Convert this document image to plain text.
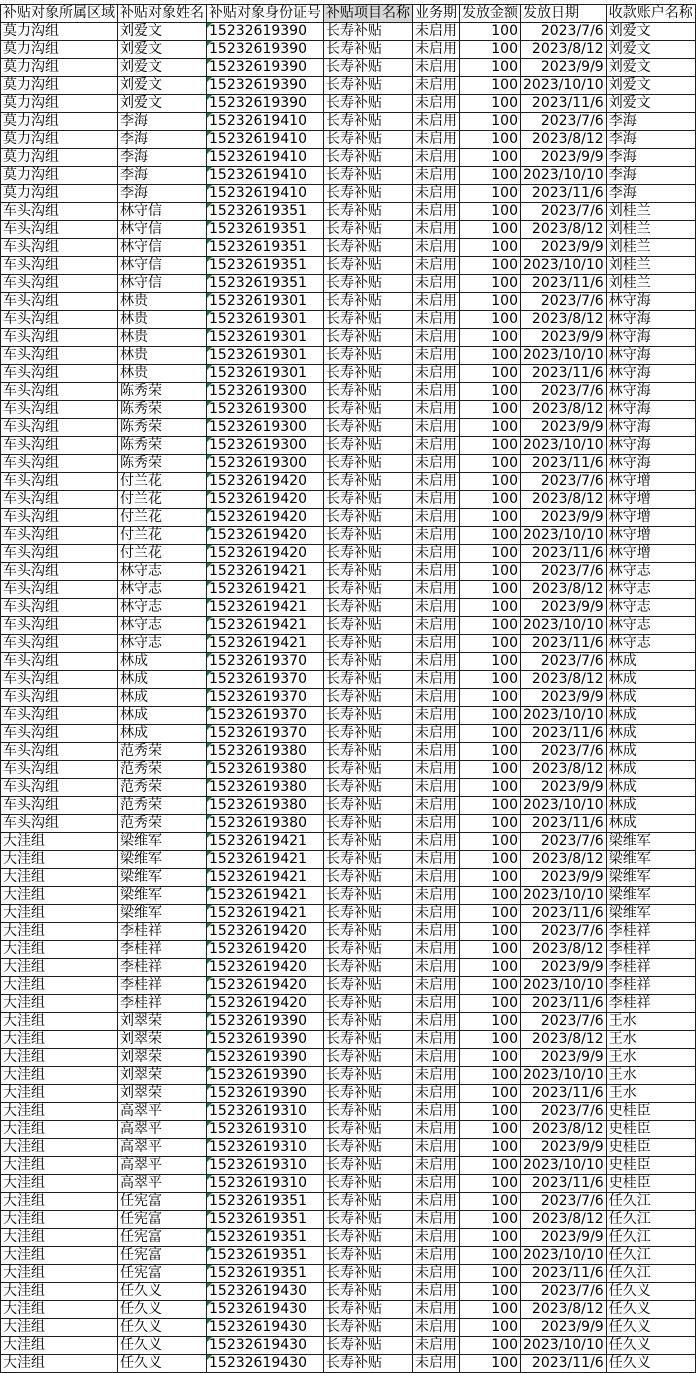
补贴对象所属区域	补贴对象姓名	补贴对象身份证号	补贴项目名称	业务期	发放金额	发放日期	收款账户名称
莫力沟组	刘爱文	15232619390	长寿补贴	未启用	100	2023/7/6	刘爱文
莫力沟组	刘爱文	15232619390	长寿补贴	未启用	100	2023/8/12	刘爱文
莫力沟组	刘爱文	15232619390	长寿补贴	未启用	100	2023/9/9	刘爱文
莫力沟组	刘爱文	15232619390	长寿补贴	未启用	100	2023/10/10	刘爱文
莫力沟组	刘爱文	15232619390	长寿补贴	未启用	100	2023/11/6	刘爱文
莫力沟组	李海	15232619410	长寿补贴	未启用	100	2023/7/6	李海
莫力沟组	李海	15232619410	长寿补贴	未启用	100	2023/8/12	李海
莫力沟组	李海	15232619410	长寿补贴	未启用	100	2023/9/9	李海
莫力沟组	李海	15232619410	长寿补贴	未启用	100	2023/10/10	李海
莫力沟组	李海	15232619410	长寿补贴	未启用	100	2023/11/6	李海
车头沟组	林守信	15232619351	长寿补贴	未启用	100	2023/7/6	刘桂兰
车头沟组	林守信	15232619351	长寿补贴	未启用	100	2023/8/12	刘桂兰
车头沟组	林守信	15232619351	长寿补贴	未启用	100	2023/9/9	刘桂兰
车头沟组	林守信	15232619351	长寿补贴	未启用	100	2023/10/10	刘桂兰
车头沟组	林守信	15232619351	长寿补贴	未启用	100	2023/11/6	刘桂兰
车头沟组	林贵	15232619301	长寿补贴	未启用	100	2023/7/6	林守海
车头沟组	林贵	15232619301	长寿补贴	未启用	100	2023/8/12	林守海
车头沟组	林贵	15232619301	长寿补贴	未启用	100	2023/9/9	林守海
车头沟组	林贵	15232619301	长寿补贴	未启用	100	2023/10/10	林守海
车头沟组	林贵	15232619301	长寿补贴	未启用	100	2023/11/6	林守海
车头沟组	陈秀荣	15232619300	长寿补贴	未启用	100	2023/7/6	林守海
车头沟组	陈秀荣	15232619300	长寿补贴	未启用	100	2023/8/12	林守海
车头沟组	陈秀荣	15232619300	长寿补贴	未启用	100	2023/9/9	林守海
车头沟组	陈秀荣	15232619300	长寿补贴	未启用	100	2023/10/10	林守海
车头沟组	陈秀荣	15232619300	长寿补贴	未启用	100	2023/11/6	林守海
车头沟组	付兰花	15232619420	长寿补贴	未启用	100	2023/7/6	林守增
车头沟组	付兰花	15232619420	长寿补贴	未启用	100	2023/8/12	林守增
车头沟组	付兰花	15232619420	长寿补贴	未启用	100	2023/9/9	林守增
车头沟组	付兰花	15232619420	长寿补贴	未启用	100	2023/10/10	林守增
车头沟组	付兰花	15232619420	长寿补贴	未启用	100	2023/11/6	林守增
车头沟组	林守志	15232619421	长寿补贴	未启用	100	2023/7/6	林守志
车头沟组	林守志	15232619421	长寿补贴	未启用	100	2023/8/12	林守志
车头沟组	林守志	15232619421	长寿补贴	未启用	100	2023/9/9	林守志
车头沟组	林守志	15232619421	长寿补贴	未启用	100	2023/10/10	林守志
车头沟组	林守志	15232619421	长寿补贴	未启用	100	2023/11/6	林守志
车头沟组	林成	15232619370	长寿补贴	未启用	100	2023/7/6	林成
车头沟组	林成	15232619370	长寿补贴	未启用	100	2023/8/12	林成
车头沟组	林成	15232619370	长寿补贴	未启用	100	2023/9/9	林成
车头沟组	林成	15232619370	长寿补贴	未启用	100	2023/10/10	林成
车头沟组	林成	15232619370	长寿补贴	未启用	100	2023/11/6	林成
车头沟组	范秀荣	15232619380	长寿补贴	未启用	100	2023/7/6	林成
车头沟组	范秀荣	15232619380	长寿补贴	未启用	100	2023/8/12	林成
车头沟组	范秀荣	15232619380	长寿补贴	未启用	100	2023/9/9	林成
车头沟组	范秀荣	15232619380	长寿补贴	未启用	100	2023/10/10	林成
车头沟组	范秀荣	15232619380	长寿补贴	未启用	100	2023/11/6	林成
大洼组	梁维军	15232619421	长寿补贴	未启用	100	2023/7/6	梁维军
大洼组	梁维军	15232619421	长寿补贴	未启用	100	2023/8/12	梁维军
大洼组	梁维军	15232619421	长寿补贴	未启用	100	2023/9/9	梁维军
大洼组	梁维军	15232619421	长寿补贴	未启用	100	2023/10/10	梁维军
大洼组	梁维军	15232619421	长寿补贴	未启用	100	2023/11/6	梁维军
大洼组	李桂祥	15232619420	长寿补贴	未启用	100	2023/7/6	李桂祥
大洼组	李桂祥	15232619420	长寿补贴	未启用	100	2023/8/12	李桂祥
大洼组	李桂祥	15232619420	长寿补贴	未启用	100	2023/9/9	李桂祥
大洼组	李桂祥	15232619420	长寿补贴	未启用	100	2023/10/10	李桂祥
大洼组	李桂祥	15232619420	长寿补贴	未启用	100	2023/11/6	李桂祥
大洼组	刘翠荣	15232619390	长寿补贴	未启用	100	2023/7/6	王水
大洼组	刘翠荣	15232619390	长寿补贴	未启用	100	2023/8/12	王水
大洼组	刘翠荣	15232619390	长寿补贴	未启用	100	2023/9/9	王水
大洼组	刘翠荣	15232619390	长寿补贴	未启用	100	2023/10/10	王水
大洼组	刘翠荣	15232619390	长寿补贴	未启用	100	2023/11/6	王水
大洼组	高翠平	15232619310	长寿补贴	未启用	100	2023/7/6	史桂臣
大洼组	高翠平	15232619310	长寿补贴	未启用	100	2023/8/12	史桂臣
大洼组	高翠平	15232619310	长寿补贴	未启用	100	2023/9/9	史桂臣
大洼组	高翠平	15232619310	长寿补贴	未启用	100	2023/10/10	史桂臣
大洼组	高翠平	15232619310	长寿补贴	未启用	100	2023/11/6	史桂臣
大洼组	任宪富	15232619351	长寿补贴	未启用	100	2023/7/6	任久江
大洼组	任宪富	15232619351	长寿补贴	未启用	100	2023/8/12	任久江
大洼组	任宪富	15232619351	长寿补贴	未启用	100	2023/9/9	任久江
大洼组	任宪富	15232619351	长寿补贴	未启用	100	2023/10/10	任久江
大洼组	任宪富	15232619351	长寿补贴	未启用	100	2023/11/6	任久江
大洼组	任久义	15232619430	长寿补贴	未启用	100	2023/7/6	任久义
大洼组	任久义	15232619430	长寿补贴	未启用	100	2023/8/12	任久义
大洼组	任久义	15232619430	长寿补贴	未启用	100	2023/9/9	任久义
大洼组	任久义	15232619430	长寿补贴	未启用	100	2023/10/10	任久义
大洼组	任久义	15232619430	长寿补贴	未启用	100	2023/11/6	任久义
